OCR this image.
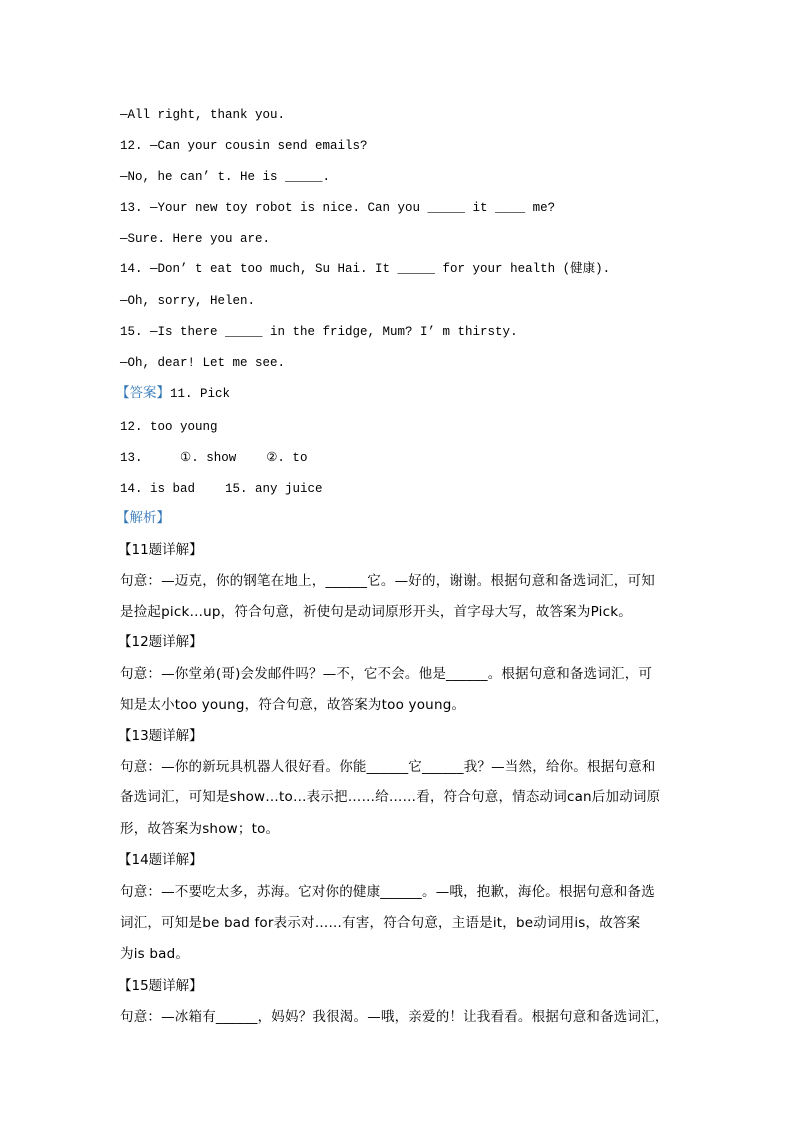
—All right, thank you.
12. —Can your cousin send emails?
—No, he can’ t. He is _____.
13. —Your new toy robot is nice. Can you _____ it ____ me?
—Sure. Here you are.
14. —Don’ t eat too much, Su Hai. It _____ for your health (健康).
—Oh, sorry, Helen.
15. —Is there _____ in the fridge, Mum? I’ m thirsty.
—Oh, dear! Let me see.
【答案】11. Pick
12. too young
13.     ①. show    ②. to
14. is bad    15. any juice
【解析】
【11题详解】
句意：—迈克，你的钢笔在地上，______它。—好的，谢谢。根据句意和备选词汇，可知
是捡起pick…up，符合句意，祈使句是动词原形开头，首字母大写，故答案为Pick。
【12题详解】
句意：—你堂弟(哥)会发邮件吗？—不，它不会。他是______。根据句意和备选词汇，可
知是太小too young，符合句意，故答案为too young。
【13题详解】
句意：—你的新玩具机器人很好看。你能______它______我？—当然，给你。根据句意和
备选词汇，可知是show…to…表示把……给……看，符合句意，情态动词can后加动词原
形，故答案为show；to。
【14题详解】
句意：—不要吃太多，苏海。它对你的健康______。—哦，抱歉，海伦。根据句意和备选
词汇，可知是be bad for表示对……有害，符合句意，主语是it，be动词用is，故答案
为is bad。
【15题详解】
句意：—冰箱有______，妈妈？我很渴。—哦，亲爱的！让我看看。根据句意和备选词汇，
